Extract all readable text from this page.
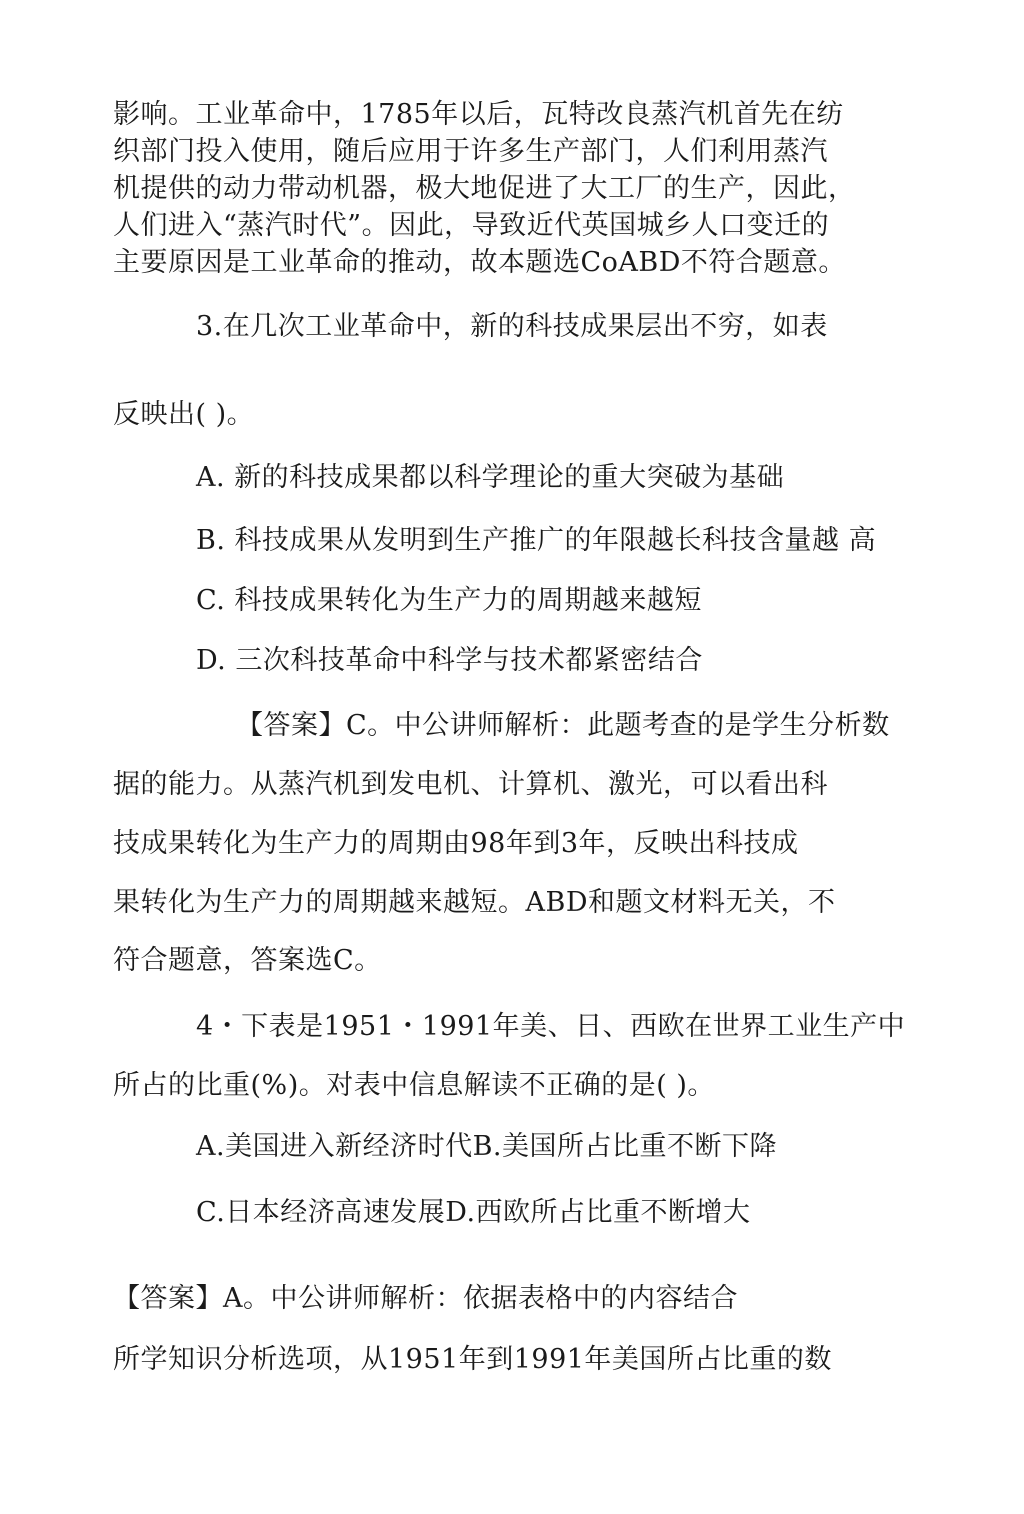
影响。工业革命中，1785年以后，瓦特改良蒸汽机首先在纺
织部门投入使用，随后应用于许多生产部门，人们利用蒸汽
机提供的动力带动机器，极大地促进了大工厂的生产，因此，
人们进入“蒸汽时代”。因此，导致近代英国城乡人口变迁的
主要原因是工业革命的推动，故本题选CoABD不符合题意。
3.在几次工业革命中，新的科技成果层出不穷，如表
反映出( )。
A. 新的科技成果都以科学理论的重大突破为基础
B. 科技成果从发明到生产推广的年限越长科技含量越 高
C. 科技成果转化为生产力的周期越来越短
D. 三次科技革命中科学与技术都紧密结合
【答案】C。中公讲师解析：此题考查的是学生分析数
据的能力。从蒸汽机到发电机、计算机、激光，可以看出科
技成果转化为生产力的周期由98年到3年，反映出科技成
果转化为生产力的周期越来越短。ABD和题文材料无关，不
符合题意，答案选C。
4・下表是1951・1991年美、日、西欧在世界工业生产中
所占的比重(%)。对表中信息解读不正确的是( )。
A.美国进入新经济时代B.美国所占比重不断下降
C.日本经济高速发展D.西欧所占比重不断增大
【答案】A。中公讲师解析：依据表格中的内容结合
所学知识分析选项，从1951年到1991年美国所占比重的数
